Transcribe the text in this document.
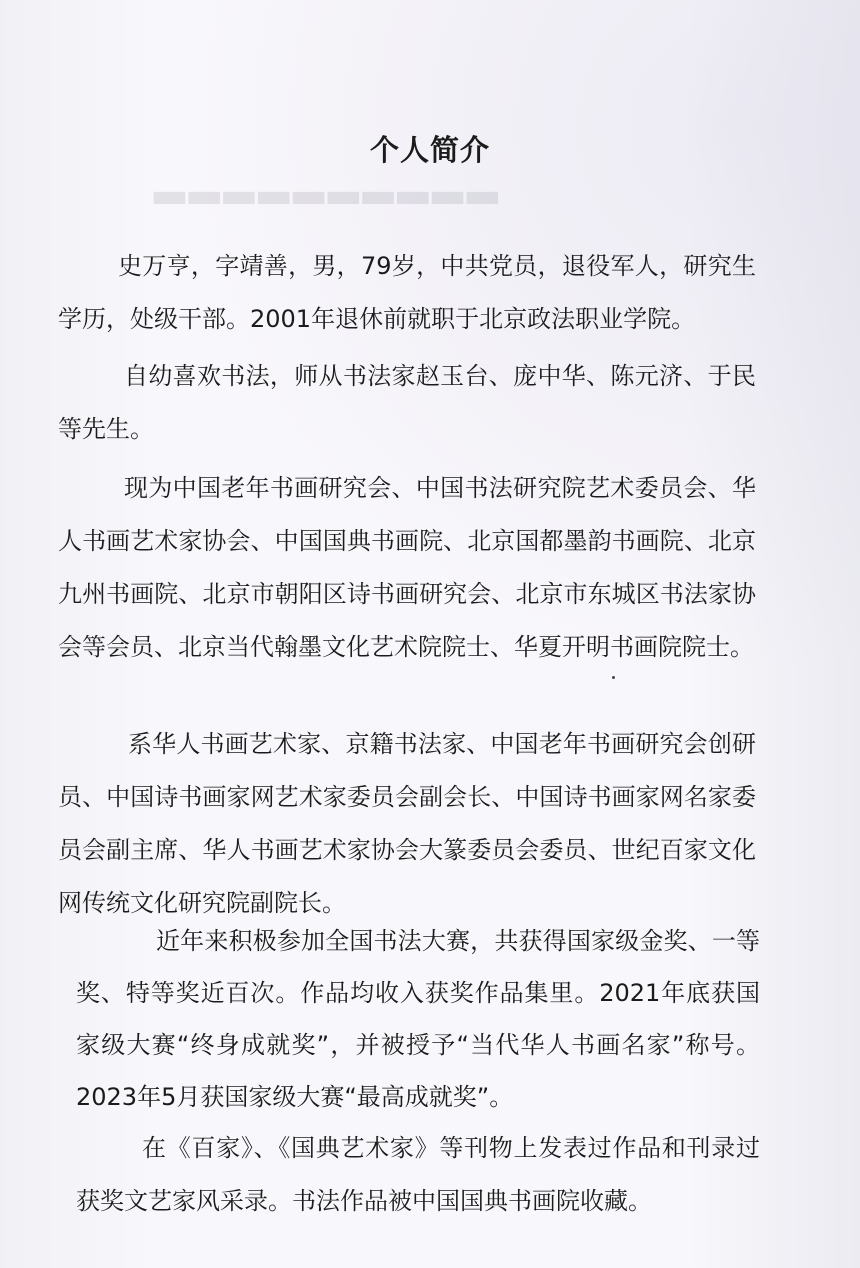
▂▂▂▂▂▂▂▂▂▂
个人简介

史万亨，字靖善，男，79岁，中共党员，退役军人，研究生学历，处级干部。2001年退休前就职于北京政法职业学院。

自幼喜欢书法，师从书法家赵玉台、庞中华、陈元济、于民等先生。

现为中国老年书画研究会、中国书法研究院艺术委员会、华人书画艺术家协会、中国国典书画院、北京国都墨韵书画院、北京九州书画院、北京市朝阳区诗书画研究会、北京市东城区书法家协会等会员、北京当代翰墨文化艺术院院士、华夏开明书画院院士。

系华人书画艺术家、京籍书法家、中国老年书画研究会创研员、中国诗书画家网艺术家委员会副会长、中国诗书画家网名家委员会副主席、华人书画艺术家协会大篆委员会委员、世纪百家文化网传统文化研究院副院长。

近年来积极参加全国书法大赛，共获得国家级金奖、一等奖、特等奖近百次。作品均收入获奖作品集里。2021年底获国家级大赛“终身成就奖”，并被授予“当代华人书画名家”称号。2023年5月获国家级大赛“最高成就奖”。

在《百家》、《国典艺术家》等刊物上发表过作品和刊录过获奖文艺家风采录。书法作品被中国国典书画院收藏。
